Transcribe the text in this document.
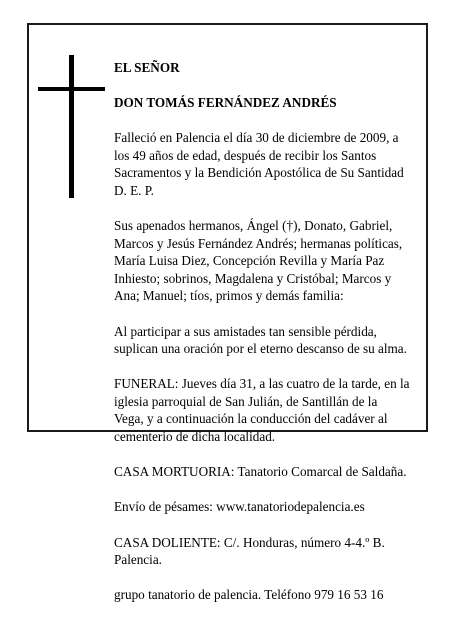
EL SEÑOR

DON TOMÁS FERNÁNDEZ ANDRÉS

Falleció en Palencia el día 30 de diciembre de 2009, a
los 49 años de edad, después de recibir los Santos
Sacramentos y la Bendición Apostólica de Su Santidad
D. E. P.

Sus apenados hermanos, Ángel (†), Donato, Gabriel,
Marcos y Jesús Fernández Andrés; hermanas políticas,
María Luisa Diez, Concepción Revilla y María Paz
Inhiesto; sobrinos, Magdalena y Cristóbal; Marcos y
Ana; Manuel; tíos, primos y demás familia:

Al participar a sus amistades tan sensible pérdida,
suplican una oración por el eterno descanso de su alma.

FUNERAL: Jueves día 31, a las cuatro de la tarde, en la
iglesia parroquial de San Julián, de Santillán de la
Vega, y a continuación la conducción del cadáver al
cementerio de dicha localidad.

CASA MORTUORIA: Tanatorio Comarcal de Saldaña.

Envío de pésames: www.tanatoriodepalencia.es

CASA DOLIENTE: C/. Honduras, número 4-4.º B.
Palencia.

grupo tanatorio de palencia. Teléfono 979 16 53 16
